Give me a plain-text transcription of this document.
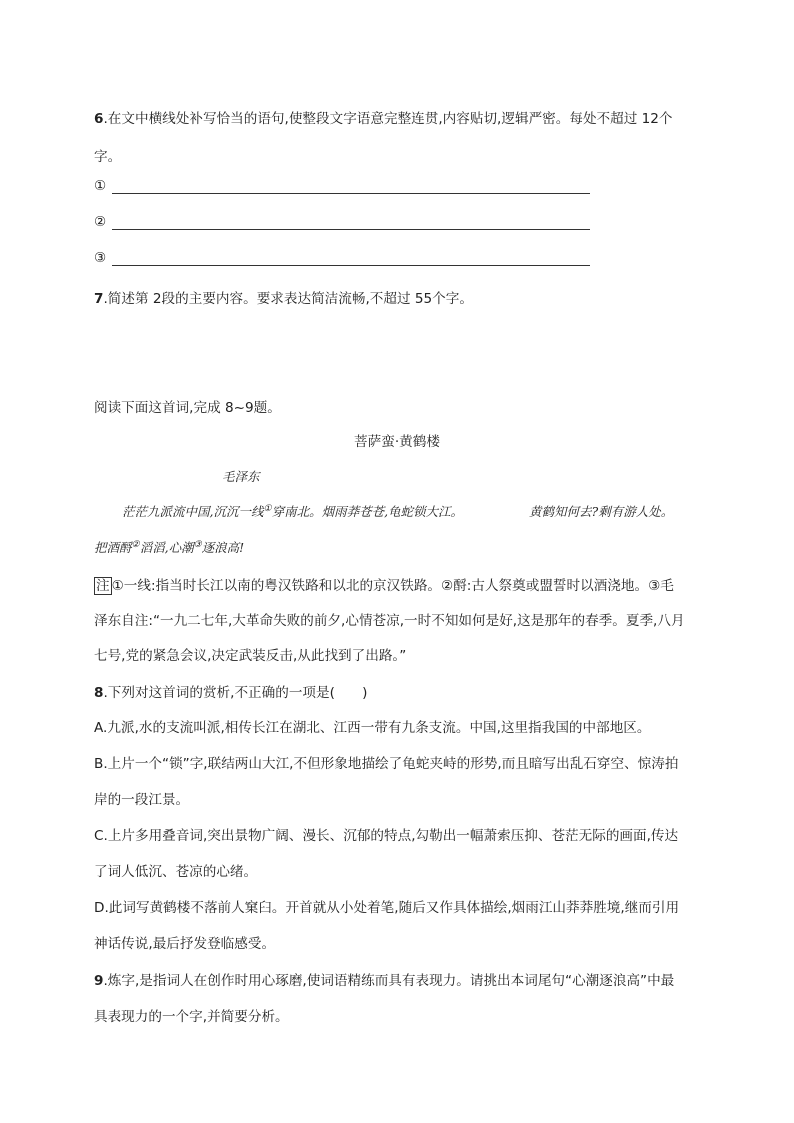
6.在文中横线处补写恰当的语句,使整段文字语意完整连贯,内容贴切,逻辑严密。每处不超过 12个
字。
①
②
③
7.简述第 2段的主要内容。要求表达简洁流畅,不超过 55个字。
阅读下面这首词,完成 8~9题。
菩萨蛮·黄鹤楼
毛泽东
茫茫九派流中国,沉沉一线①穿南北。烟雨莽苍苍,龟蛇锁大江。	黄鹤知何去?剩有游人处。
把酒酹②滔滔,心潮③逐浪高!
注 ①一线:指当时长江以南的粤汉铁路和以北的京汉铁路。②酹:古人祭奠或盟誓时以酒浇地。③毛
泽东自注:“一九二七年,大革命失败的前夕,心情苍凉,一时不知如何是好,这是那年的春季。夏季,八月
七号,党的紧急会议,决定武装反击,从此找到了出路。”
8.下列对这首词的赏析,不正确的一项是(　　)
A.九派,水的支流叫派,相传长江在湖北、江西一带有九条支流。中国,这里指我国的中部地区。
B.上片一个“锁”字,联结两山大江,不但形象地描绘了龟蛇夹峙的形势,而且暗写出乱石穿空、惊涛拍
岸的一段江景。
C.上片多用叠音词,突出景物广阔、漫长、沉郁的特点,勾勒出一幅萧索压抑、苍茫无际的画面,传达
了词人低沉、苍凉的心绪。
D.此词写黄鹤楼不落前人窠臼。开首就从小处着笔,随后又作具体描绘,烟雨江山莽莽胜境,继而引用
神话传说,最后抒发登临感受。
9.炼字,是指词人在创作时用心琢磨,使词语精练而具有表现力。请挑出本词尾句“心潮逐浪高”中最
具表现力的一个字,并简要分析。
